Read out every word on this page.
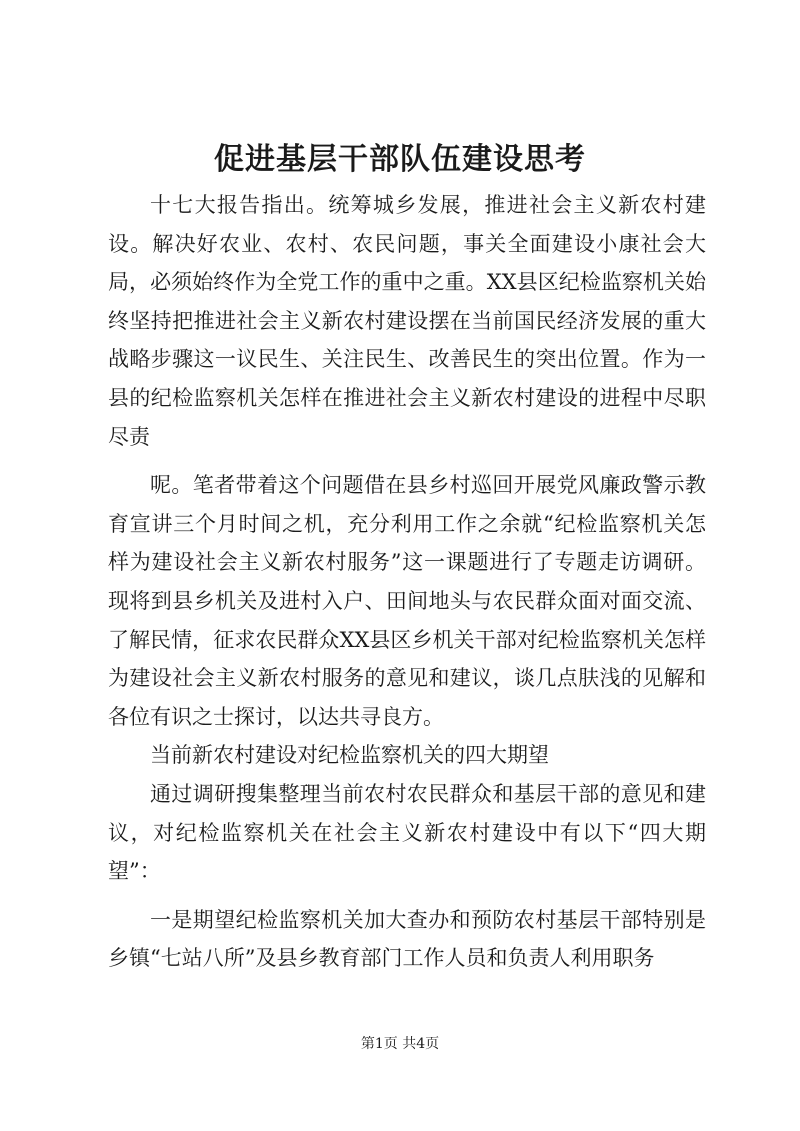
促进基层干部队伍建设思考

十七大报告指出。统筹城乡发展，推进社会主义新农村建设。解决好农业、农村、农民问题，事关全面建设小康社会大局，必须始终作为全党工作的重中之重。XX县区纪检监察机关始终坚持把推进社会主义新农村建设摆在当前国民经济发展的重大战略步骤这一议民生、关注民生、改善民生的突出位置。作为一县的纪检监察机关怎样在推进社会主义新农村建设的进程中尽职尽责

呢。笔者带着这个问题借在县乡村巡回开展党风廉政警示教育宣讲三个月时间之机，充分利用工作之余就“纪检监察机关怎样为建设社会主义新农村服务”这一课题进行了专题走访调研。现将到县乡机关及进村入户、田间地头与农民群众面对面交流、了解民情，征求农民群众XX县区乡机关干部对纪检监察机关怎样为建设社会主义新农村服务的意见和建议，谈几点肤浅的见解和各位有识之士探讨，以达共寻良方。

当前新农村建设对纪检监察机关的四大期望

通过调研搜集整理当前农村农民群众和基层干部的意见和建议，对纪检监察机关在社会主义新农村建设中有以下“四大期望”：

一是期望纪检监察机关加大查办和预防农村基层干部特别是乡镇“七站八所”及县乡教育部门工作人员和负责人利用职务

第1页 共4页
